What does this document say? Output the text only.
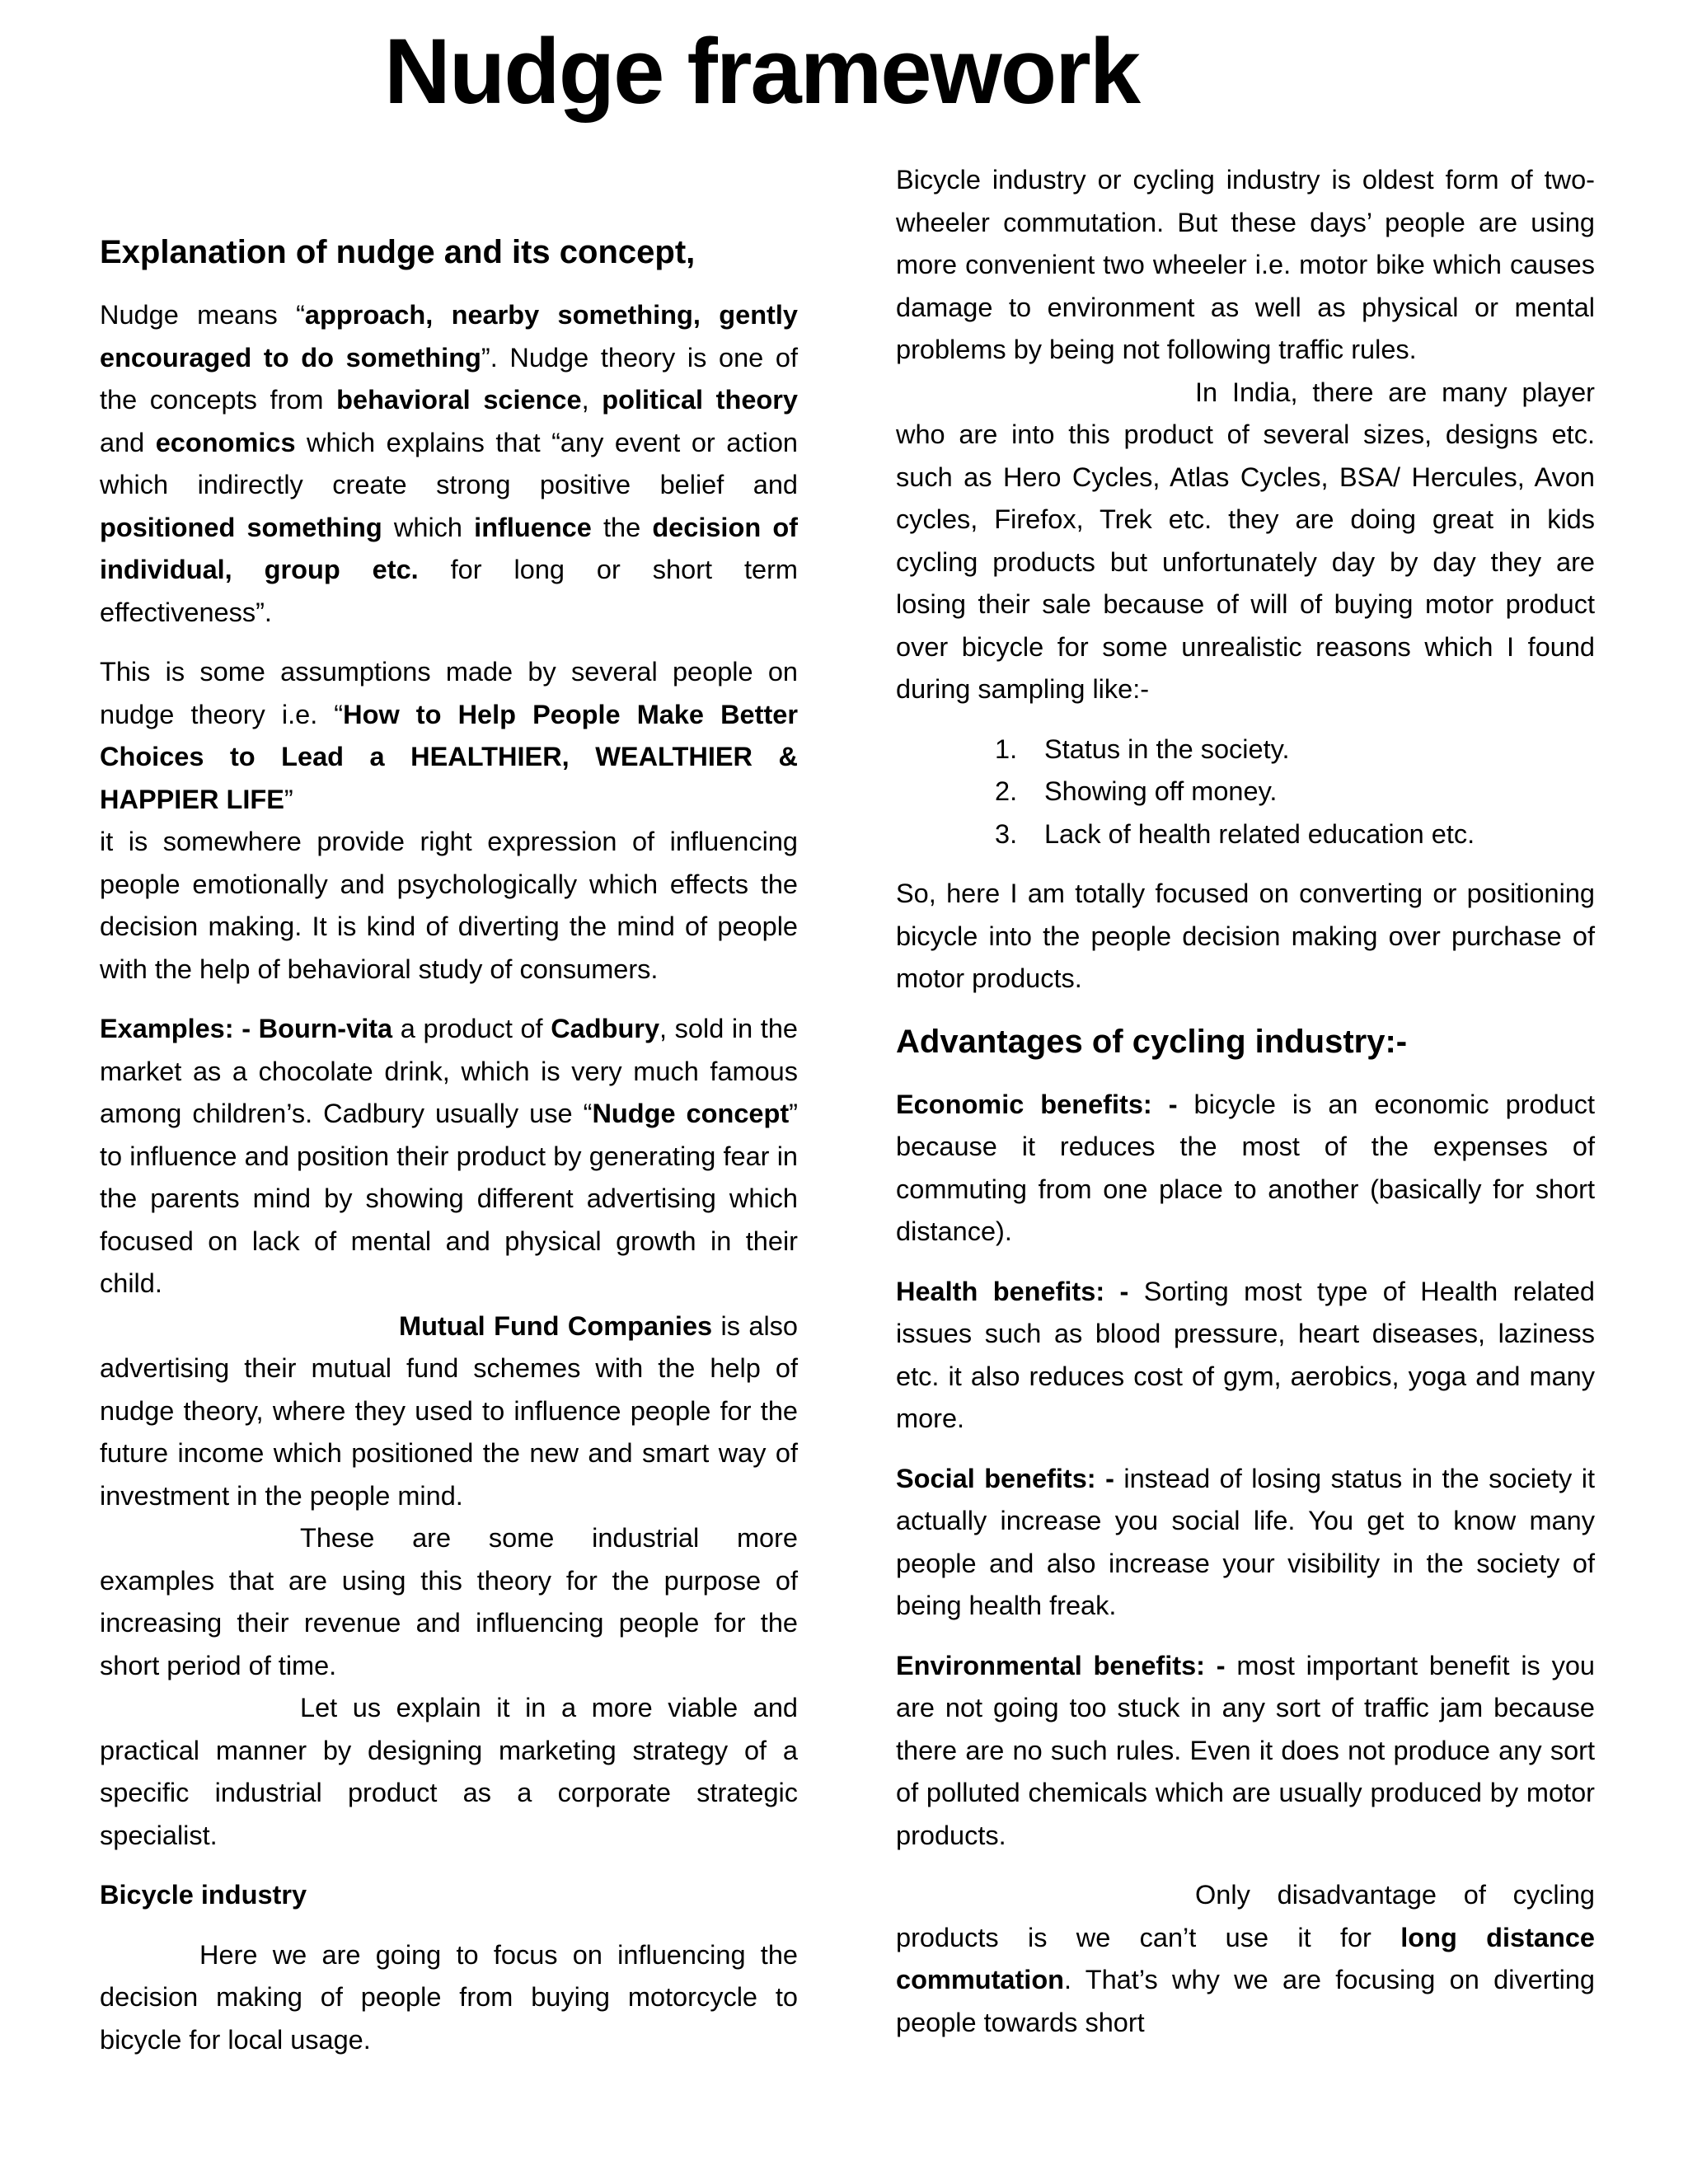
Nudge framework
Explanation of nudge and its concept,

Nudge means “approach, nearby something, gently encouraged to do something”. Nudge theory is one of the concepts from behavioral science, political theory and economics which explains that “any event or action which indirectly create strong positive belief and positioned something which influence the decision of individual, group etc. for long or short term effectiveness”.

This is some assumptions made by several people on nudge theory i.e. “How to Help People Make Better Choices to Lead a HEALTHIER, WEALTHIER & HAPPIER LIFE”

it is somewhere provide right expression of influencing people emotionally and psychologically which effects the decision making. It is kind of diverting the mind of people with the help of behavioral study of consumers.

Examples: - Bourn-vita a product of Cadbury, sold in the market as a chocolate drink, which is very much famous among children’s. Cadbury usually use “Nudge concept” to influence and position their product by generating fear in the parents mind by showing different advertising which focused on lack of mental and physical growth in their child.

Mutual Fund Companies is also advertising their mutual fund schemes with the help of nudge theory, where they used to influence people for the future income which positioned the new and smart way of investment in the people mind.

These are some industrial more examples that are using this theory for the purpose of increasing their revenue and influencing people for the short period of time.

Let us explain it in a more viable and practical manner by designing marketing strategy of a specific industrial product as a corporate strategic specialist.

Bicycle industry

Here we are going to focus on influencing the decision making of people from buying motorcycle to bicycle for local usage.

Bicycle industry or cycling industry is oldest form of two-wheeler commutation. But these days’ people are using more convenient two wheeler i.e. motor bike which causes damage to environment as well as physical or mental problems by being not following traffic rules.

In India, there are many player who are into this product of several sizes, designs etc. such as Hero Cycles, Atlas Cycles, BSA/ Hercules, Avon cycles, Firefox, Trek etc. they are doing great in kids cycling products but unfortunately day by day they are losing their sale because of will of buying motor product over bicycle for some unrealistic reasons which I found during sampling like:-

1.	Status in the society.
2.	Showing off money.
3.	Lack of health related education etc.

So, here I am totally focused on converting or positioning bicycle into the people decision making over purchase of motor products.

Advantages of cycling industry:-

Economic benefits: - bicycle is an economic product because it reduces the most of the expenses of commuting from one place to another (basically for short distance).

Health benefits: - Sorting most type of Health related issues such as blood pressure, heart diseases, laziness etc. it also reduces cost of gym, aerobics, yoga and many more.

Social benefits: - instead of losing status in the society it actually increase you social life. You get to know many people and also increase your visibility in the society of being health freak.

Environmental benefits: - most important benefit is you are not going too stuck in any sort of traffic jam because there are no such rules. Even it does not produce any sort of polluted chemicals which are usually produced by motor products.

Only disadvantage of cycling products is we can’t use it for long distance commutation. That’s why we are focusing on diverting people towards short
